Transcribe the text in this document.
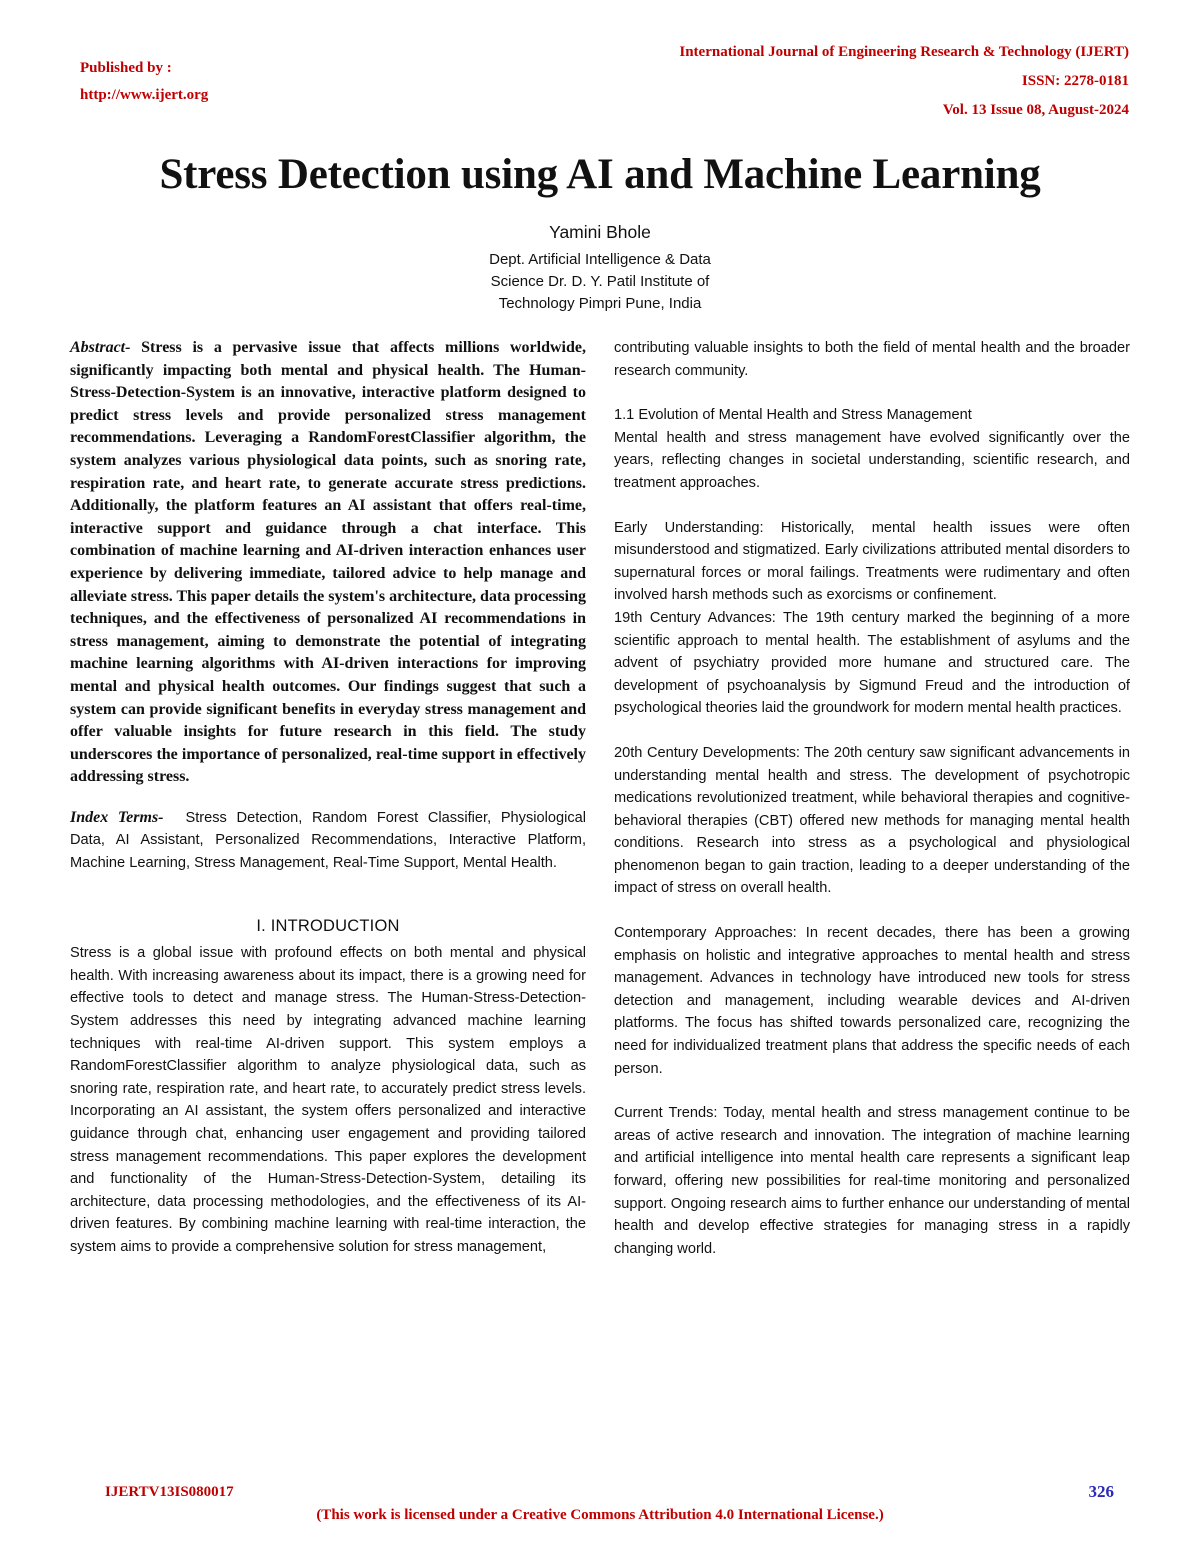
Published by :
http://www.ijert.org
International Journal of Engineering Research & Technology (IJERT)
ISSN: 2278-0181
Vol. 13 Issue 08, August-2024
Stress Detection using AI and Machine Learning
Yamini Bhole
Dept. Artificial Intelligence & Data
Science Dr. D. Y. Patil Institute of
Technology Pimpri Pune, India

Abstract- Stress is a pervasive issue that affects millions worldwide, significantly impacting both mental and physical health. The Human-Stress-Detection-System is an innovative, interactive platform designed to predict stress levels and provide personalized stress management recommendations. Leveraging a RandomForestClassifier algorithm, the system analyzes various physiological data points, such as snoring rate, respiration rate, and heart rate, to generate accurate stress predictions. Additionally, the platform features an AI assistant that offers real-time, interactive support and guidance through a chat interface. This combination of machine learning and AI-driven interaction enhances user experience by delivering immediate, tailored advice to help manage and alleviate stress. This paper details the system's architecture, data processing techniques, and the effectiveness of personalized AI recommendations in stress management, aiming to demonstrate the potential of integrating machine learning algorithms with AI-driven interactions for improving mental and physical health outcomes. Our findings suggest that such a system can provide significant benefits in everyday stress management and offer valuable insights for future research in this field. The study underscores the importance of personalized, real-time support in effectively addressing stress.

Index Terms- Stress Detection, Random Forest Classifier, Physiological Data, AI Assistant, Personalized Recommendations, Interactive Platform, Machine Learning, Stress Management, Real-Time Support, Mental Health.

I. INTRODUCTION

Stress is a global issue with profound effects on both mental and physical health. With increasing awareness about its impact, there is a growing need for effective tools to detect and manage stress. The Human-Stress-Detection-System addresses this need by integrating advanced machine learning techniques with real-time AI-driven support. This system employs a RandomForestClassifier algorithm to analyze physiological data, such as snoring rate, respiration rate, and heart rate, to accurately predict stress levels. Incorporating an AI assistant, the system offers personalized and interactive guidance through chat, enhancing user engagement and providing tailored stress management recommendations. This paper explores the development and functionality of the Human-Stress-Detection-System, detailing its architecture, data processing methodologies, and the effectiveness of its AI-driven features. By combining machine learning with real-time interaction, the system aims to provide a comprehensive solution for stress management,

contributing valuable insights to both the field of mental health and the broader research community.

1.1 Evolution of Mental Health and Stress Management

Mental health and stress management have evolved significantly over the years, reflecting changes in societal understanding, scientific research, and treatment approaches.

Early Understanding: Historically, mental health issues were often misunderstood and stigmatized. Early civilizations attributed mental disorders to supernatural forces or moral failings. Treatments were rudimentary and often involved harsh methods such as exorcisms or confinement.

19th Century Advances: The 19th century marked the beginning of a more scientific approach to mental health. The establishment of asylums and the advent of psychiatry provided more humane and structured care. The development of psychoanalysis by Sigmund Freud and the introduction of psychological theories laid the groundwork for modern mental health practices.

20th Century Developments: The 20th century saw significant advancements in understanding mental health and stress. The development of psychotropic medications revolutionized treatment, while behavioral therapies and cognitive-behavioral therapies (CBT) offered new methods for managing mental health conditions. Research into stress as a psychological and physiological phenomenon began to gain traction, leading to a deeper understanding of the impact of stress on overall health.

Contemporary Approaches: In recent decades, there has been a growing emphasis on holistic and integrative approaches to mental health and stress management. Advances in technology have introduced new tools for stress detection and management, including wearable devices and AI-driven platforms. The focus has shifted towards personalized care, recognizing the need for individualized treatment plans that address the specific needs of each person.

Current Trends: Today, mental health and stress management continue to be areas of active research and innovation. The integration of machine learning and artificial intelligence into mental health care represents a significant leap forward, offering new possibilities for real-time monitoring and personalized support. Ongoing research aims to further enhance our understanding of mental health and develop effective strategies for managing stress in a rapidly changing world.

IJERTV13IS080017	326
(This work is licensed under a Creative Commons Attribution 4.0 International License.)
